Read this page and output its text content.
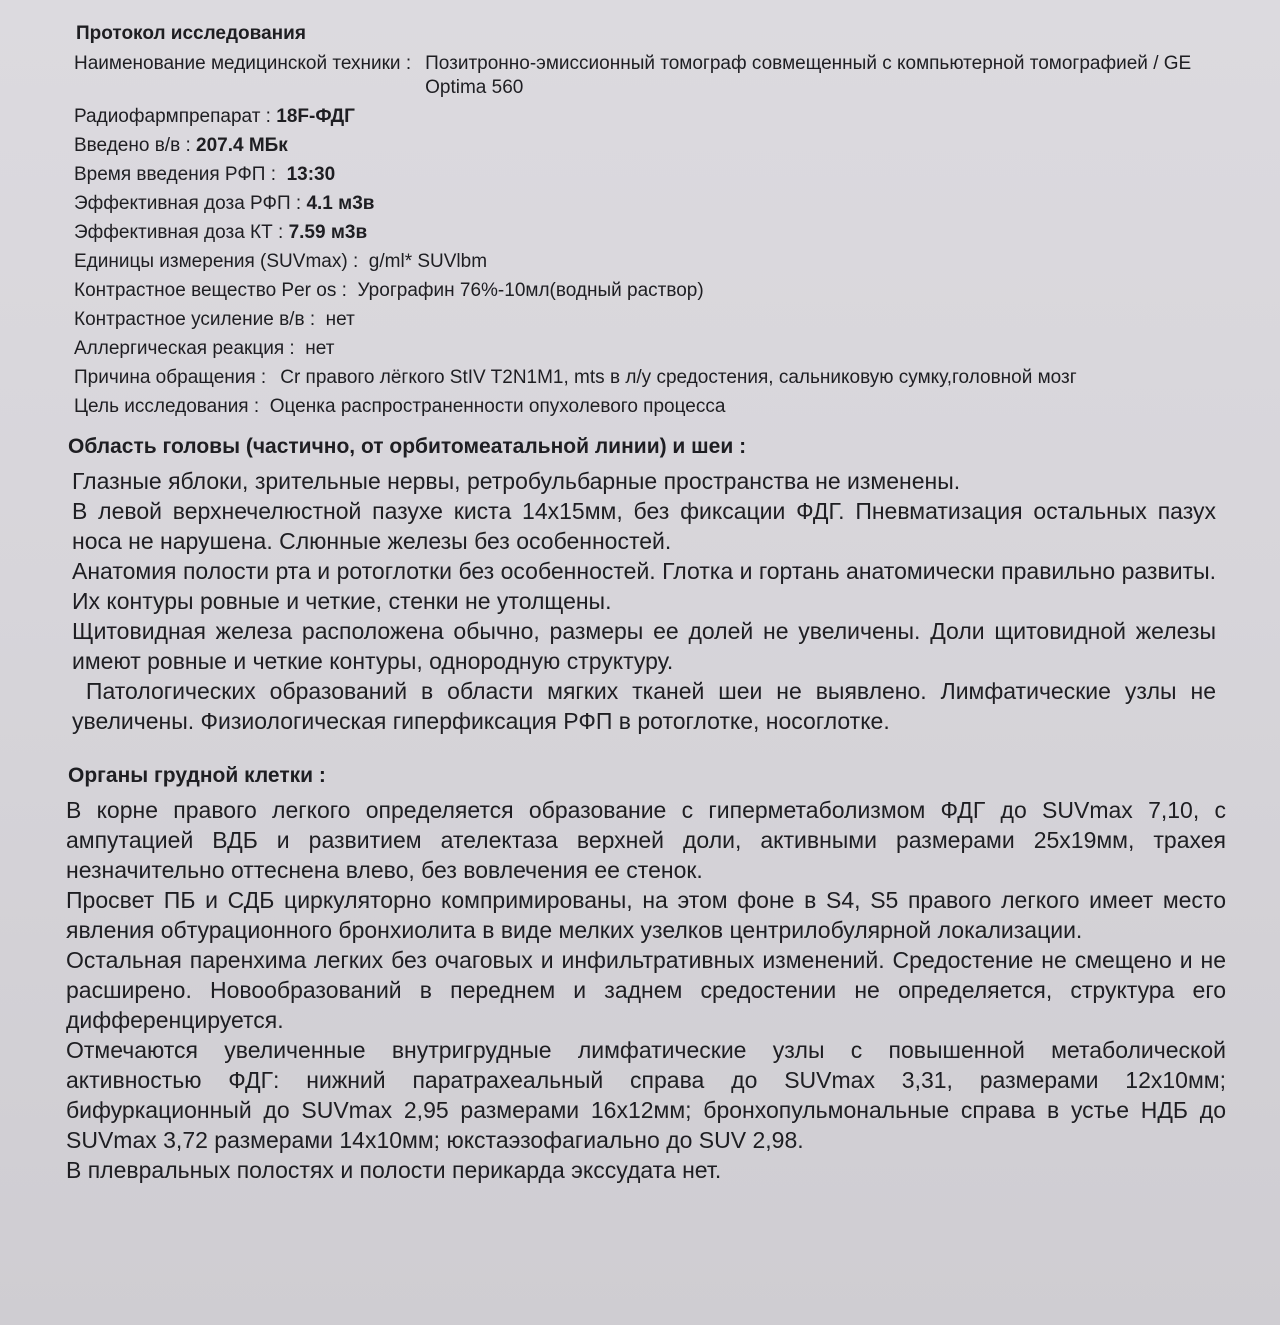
Протокол исследования
Наименование медицинской техники : Позитронно-эмиссионный томограф совмещенный с компьютерной томографией / GE Optima 560
Радиофармпрепарат :
18F-ФДГ
Введено в/в :
207.4 МБк
Время введения РФП :
13:30
Эффективная доза РФП :
4.1 м3в
Эффективная доза КТ :
7.59 м3в
Единицы измерения (SUVmax) :
g/ml* SUVlbm
Контрастное вещество Per os :
Урографин 76%-10мл(водный раствор)
Контрастное усиление в/в :
нет
Аллергическая реакция :
нет
Причина обращения : Cr правого лёгкого StIV T2N1M1, mts в л/у средостения, сальниковую сумку,головной мозг
Цель исследования :
Оценка распространенности опухолевого процесса
Область головы (частично, от орбитомеатальной линии) и шеи :
Глазные яблоки, зрительные нервы, ретробульбарные пространства не изменены.
В левой верхнечелюстной пазухе киста 14х15мм, без фиксации ФДГ. Пневматизация остальных пазух носа не нарушена. Слюнные железы без особенностей.
Анатомия полости рта и ротоглотки без особенностей. Глотка и гортань анатомически правильно развиты. Их контуры ровные и четкие, стенки не утолщены.
Щитовидная железа расположена обычно, размеры ее долей не увеличены. Доли щитовидной железы имеют ровные и четкие контуры, однородную структуру.
Патологических образований в области мягких тканей шеи не выявлено. Лимфатические узлы не увеличены. Физиологическая гиперфиксация РФП в ротоглотке, носоглотке.
Органы грудной клетки :
В корне правого легкого определяется образование с гиперметаболизмом ФДГ до SUVmax 7,10, с ампутацией ВДБ и развитием ателектаза верхней доли, активными размерами 25х19мм, трахея незначительно оттеснена влево, без вовлечения ее стенок.
Просвет ПБ и СДБ циркуляторно компримированы, на этом фоне в S4, S5 правого легкого имеет место явления обтурационного бронхиолита в виде мелких узелков центрилобулярной локализации.
Остальная паренхима легких без очаговых и инфильтративных изменений. Средостение не смещено и не расширено. Новообразований в переднем и заднем средостении не определяется, структура его дифференцируется.
Отмечаются увеличенные внутригрудные лимфатические узлы с повышенной метаболической активностью ФДГ: нижний паратрахеальный справа до SUVmax 3,31, размерами 12х10мм; бифуркационный до SUVmax 2,95 размерами 16х12мм; бронхопульмональные справа в устье НДБ до SUVmax 3,72 размерами 14х10мм; юкстаэзофагиально до SUV 2,98.
В плевральных полостях и полости перикарда экссудата нет.
